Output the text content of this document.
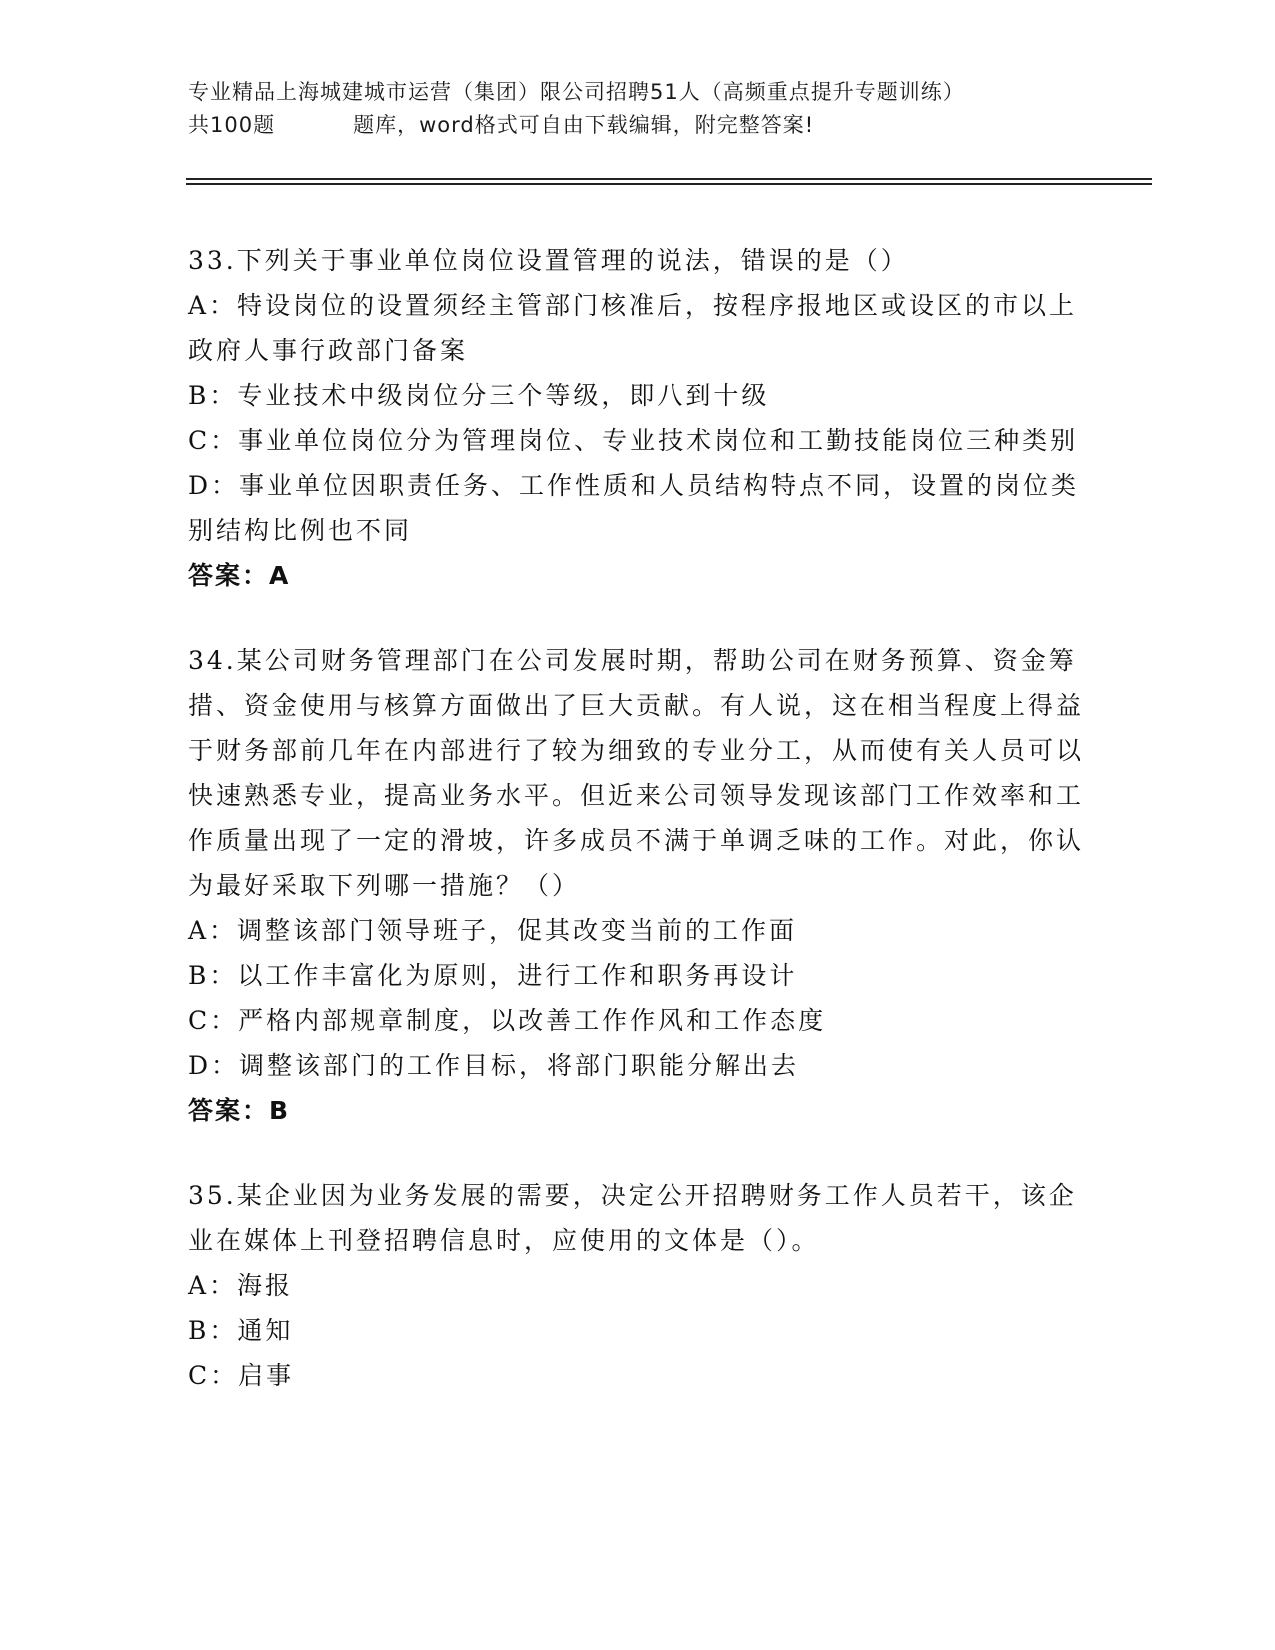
专业精品上海城建城市运营（集团）限公司招聘51人（高频重点提升专题训练）
共100题	题库，word格式可自由下载编辑，附完整答案!
33.下列关于事业单位岗位设置管理的说法，错误的是（）
A：特设岗位的设置须经主管部门核准后，按程序报地区或设区的市以上政府人事行政部门备案
B：专业技术中级岗位分三个等级，即八到十级
C：事业单位岗位分为管理岗位、专业技术岗位和工勤技能岗位三种类别
D：事业单位因职责任务、工作性质和人员结构特点不同，设置的岗位类别结构比例也不同
答案：A
34.某公司财务管理部门在公司发展时期，帮助公司在财务预算、资金筹措、资金使用与核算方面做出了巨大贡献。有人说，这在相当程度上得益于财务部前几年在内部进行了较为细致的专业分工，从而使有关人员可以快速熟悉专业，提高业务水平。但近来公司领导发现该部门工作效率和工作质量出现了一定的滑坡，许多成员不满于单调乏味的工作。对此，你认为最好采取下列哪一措施？（）
A：调整该部门领导班子，促其改变当前的工作面
B：以工作丰富化为原则，进行工作和职务再设计
C：严格内部规章制度，以改善工作作风和工作态度
D：调整该部门的工作目标，将部门职能分解出去
答案：B
35.某企业因为业务发展的需要，决定公开招聘财务工作人员若干，该企业在媒体上刊登招聘信息时，应使用的文体是（）。
A：海报
B：通知
C：启事
